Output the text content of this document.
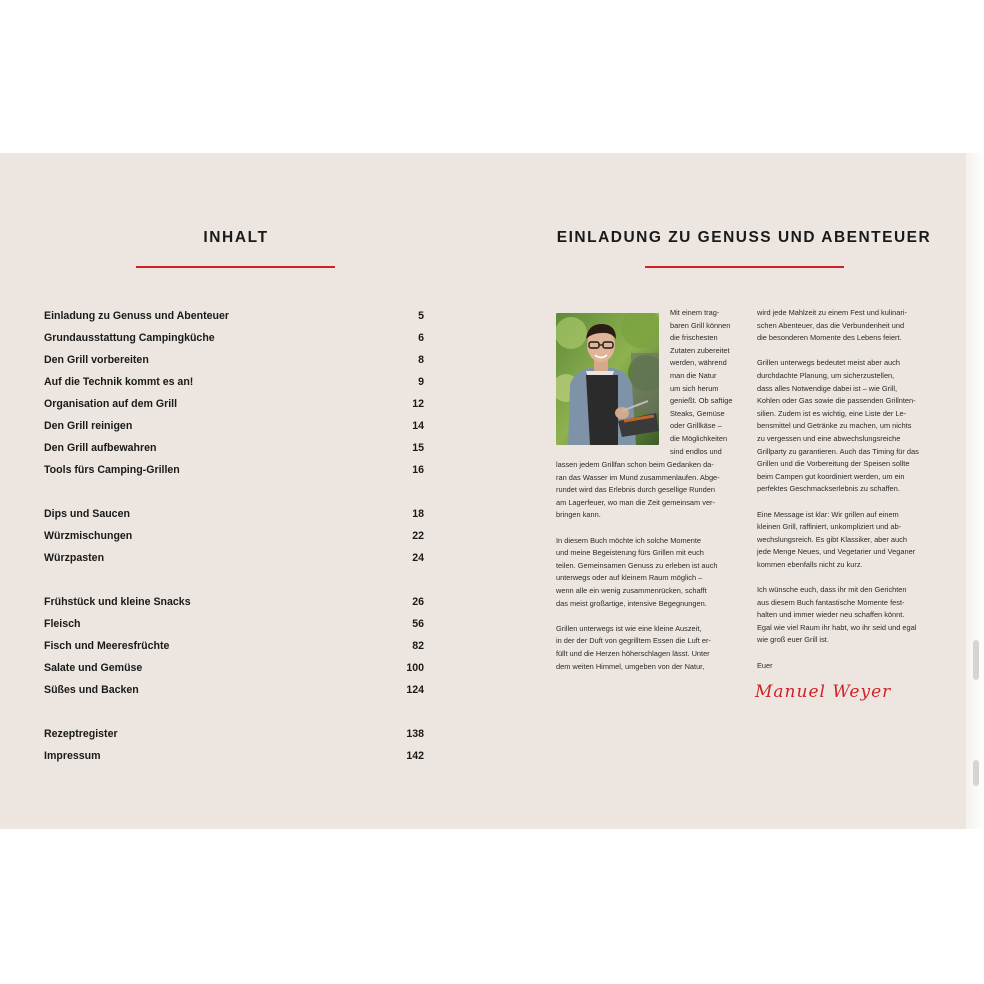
INHALT
Einladung zu Genuss und Abenteuer	5
Grundausstattung Campingküche	6
Den Grill vorbereiten	8
Auf die Technik kommt es an!	9
Organisation auf dem Grill	12
Den Grill reinigen	14
Den Grill aufbewahren	15
Tools fürs Camping-Grillen	16
Dips und Saucen	18
Würzmischungen	22
Würzpasten	24
Frühstück und kleine Snacks	26
Fleisch	56
Fisch und Meeresfrüchte	82
Salate und Gemüse	100
Süßes und Backen	124
Rezeptregister	138
Impressum	142
EINLADUNG ZU GENUSS UND ABENTEUER
Mit einem trag-
baren Grill können
die frischesten
Zutaten zubereitet
werden, während
man die Natur
um sich herum
genießt. Ob saftige
Steaks, Gemüse
oder Grillkäse –
die Möglichkeiten
sind endlos und

lassen jedem Grillfan schon beim Gedanken da-
ran das Wasser im Mund zusammenlaufen. Abge-
rundet wird das Erlebnis durch gesellige Runden
am Lagerfeuer, wo man die Zeit gemeinsam ver-
bringen kann.

In diesem Buch möchte ich solche Momente
und meine Begeisterung fürs Grillen mit euch
teilen. Gemeinsamen Genuss zu erleben ist auch
unterwegs oder auf kleinem Raum möglich –
wenn alle ein wenig zusammenrücken, schafft
das meist großartige, intensive Begegnungen.

Grillen unterwegs ist wie eine kleine Auszeit,
in der der Duft von gegrilltem Essen die Luft er-
füllt und die Herzen höherschlagen lässt. Unter
dem weiten Himmel, umgeben von der Natur,

wird jede Mahlzeit zu einem Fest und kulinari-
schen Abenteuer, das die Verbundenheit und
die besonderen Momente des Lebens feiert.

Grillen unterwegs bedeutet meist aber auch
durchdachte Planung, um sicherzustellen,
dass alles Notwendige dabei ist – wie Grill,
Kohlen oder Gas sowie die passenden Grillnten-
silien. Zudem ist es wichtig, eine Liste der Le-
bensmittel und Getränke zu machen, um nichts
zu vergessen und eine abwechslungsreiche
Grillparty zu garantieren. Auch das Timing für das
Grillen und die Vorbereitung der Speisen sollte
beim Campen gut koordiniert werden, um ein
perfektes Geschmackserlebnis zu schaffen.

Eine Message ist klar: Wir grillen auf einem
kleinen Grill, raffiniert, unkompliziert und ab-
wechslungsreich. Es gibt Klassiker, aber auch
jede Menge Neues, und Vegetarier und Veganer
kommen ebenfalls nicht zu kurz.

Ich wünsche euch, dass ihr mit den Gerichten
aus diesem Buch fantastische Momente fest-
halten und immer wieder neu schaffen könnt.
Egal wie viel Raum ihr habt, wo ihr seid und egal
wie groß euer Grill ist.

Euer

Manuel Weyer
